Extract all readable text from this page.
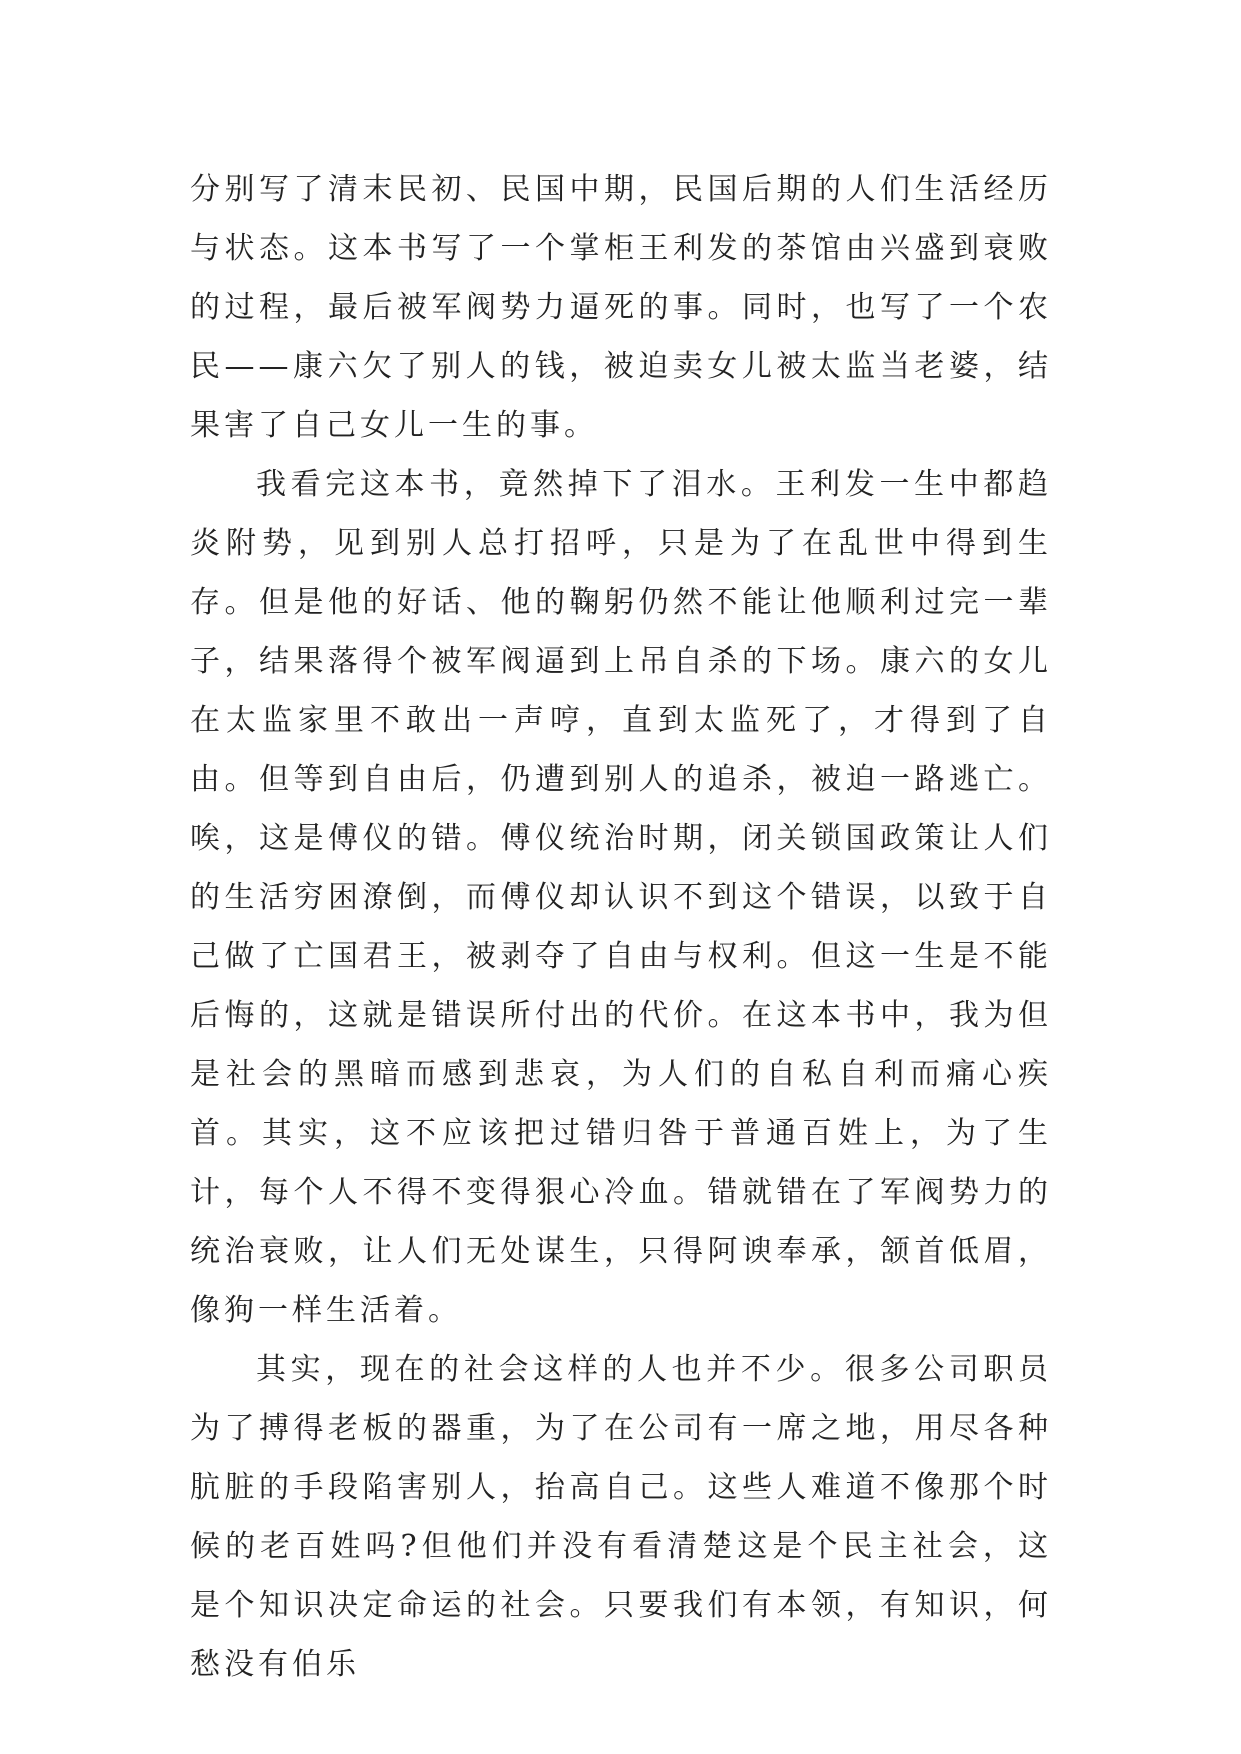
分别写了清末民初、民国中期，民国后期的人们生活经历与状态。这本书写了一个掌柜王利发的茶馆由兴盛到衰败的过程，最后被军阀势力逼死的事。同时，也写了一个农民——康六欠了别人的钱，被迫卖女儿被太监当老婆，结果害了自己女儿一生的事。

我看完这本书，竟然掉下了泪水。王利发一生中都趋炎附势，见到别人总打招呼，只是为了在乱世中得到生存。但是他的好话、他的鞠躬仍然不能让他顺利过完一辈子，结果落得个被军阀逼到上吊自杀的下场。康六的女儿在太监家里不敢出一声哼，直到太监死了，才得到了自由。但等到自由后，仍遭到别人的追杀，被迫一路逃亡。唉，这是傅仪的错。傅仪统治时期，闭关锁国政策让人们的生活穷困潦倒，而傅仪却认识不到这个错误，以致于自己做了亡国君王，被剥夺了自由与权利。但这一生是不能后悔的，这就是错误所付出的代价。在这本书中，我为但是社会的黑暗而感到悲哀，为人们的自私自利而痛心疾首。其实，这不应该把过错归咎于普通百姓上，为了生计，每个人不得不变得狠心冷血。错就错在了军阀势力的统治衰败，让人们无处谋生，只得阿谀奉承，颔首低眉，像狗一样生活着。

其实，现在的社会这样的人也并不少。很多公司职员为了搏得老板的器重，为了在公司有一席之地，用尽各种肮脏的手段陷害别人，抬高自己。这些人难道不像那个时候的老百姓吗?但他们并没有看清楚这是个民主社会，这是个知识决定命运的社会。只要我们有本领，有知识，何愁没有伯乐
